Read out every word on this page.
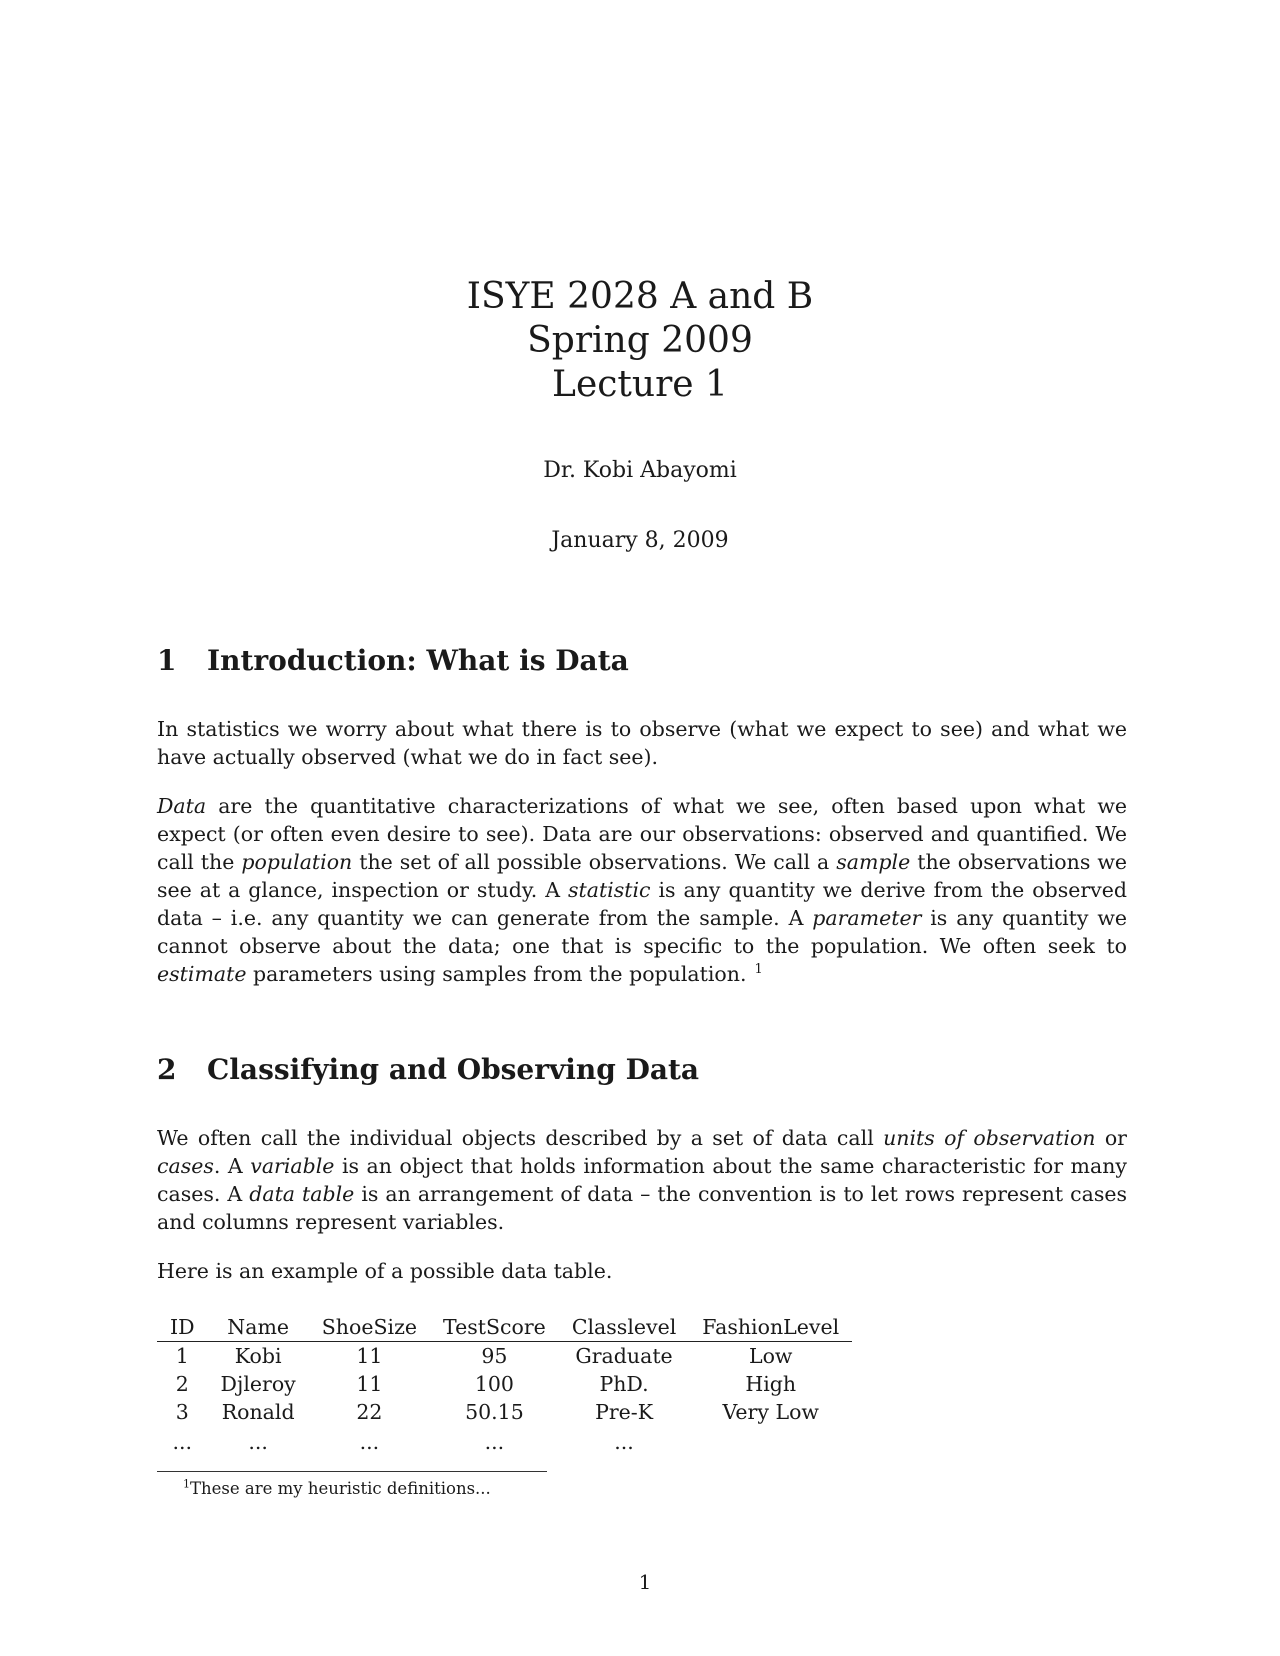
ISYE 2028 A and B
Spring 2009
Lecture 1
Dr. Kobi Abayomi
January 8, 2009
1 Introduction: What is Data
In statistics we worry about what there is to observe (what we expect to see) and what we have actually observed (what we do in fact see).
Data are the quantitative characterizations of what we see, often based upon what we expect (or often even desire to see). Data are our observations: observed and quantified. We call the population the set of all possible observations. We call a sample the observations we see at a glance, inspection or study. A statistic is any quantity we derive from the observed data – i.e. any quantity we can generate from the sample. A parameter is any quantity we cannot observe about the data; one that is specific to the population. We often seek to estimate parameters using samples from the population. $^1$
2 Classifying and Observing Data
We often call the individual objects described by a set of data call units of observation or cases. A variable is an object that holds information about the same characteristic for many cases. A data table is an arrangement of data – the convention is to let rows represent cases and columns represent variables.
Here is an example of a possible data table.
ID	Name	ShoeSize	TestScore	Classlevel	FashionLevel
1	Kobi	11	95	Graduate	Low
2	Djleroy	11	100	PhD.	High
3	Ronald	22	50.15	Pre-K	Very Low
...	...	...	...	...	
$^1$These are my heuristic definitions...
1
